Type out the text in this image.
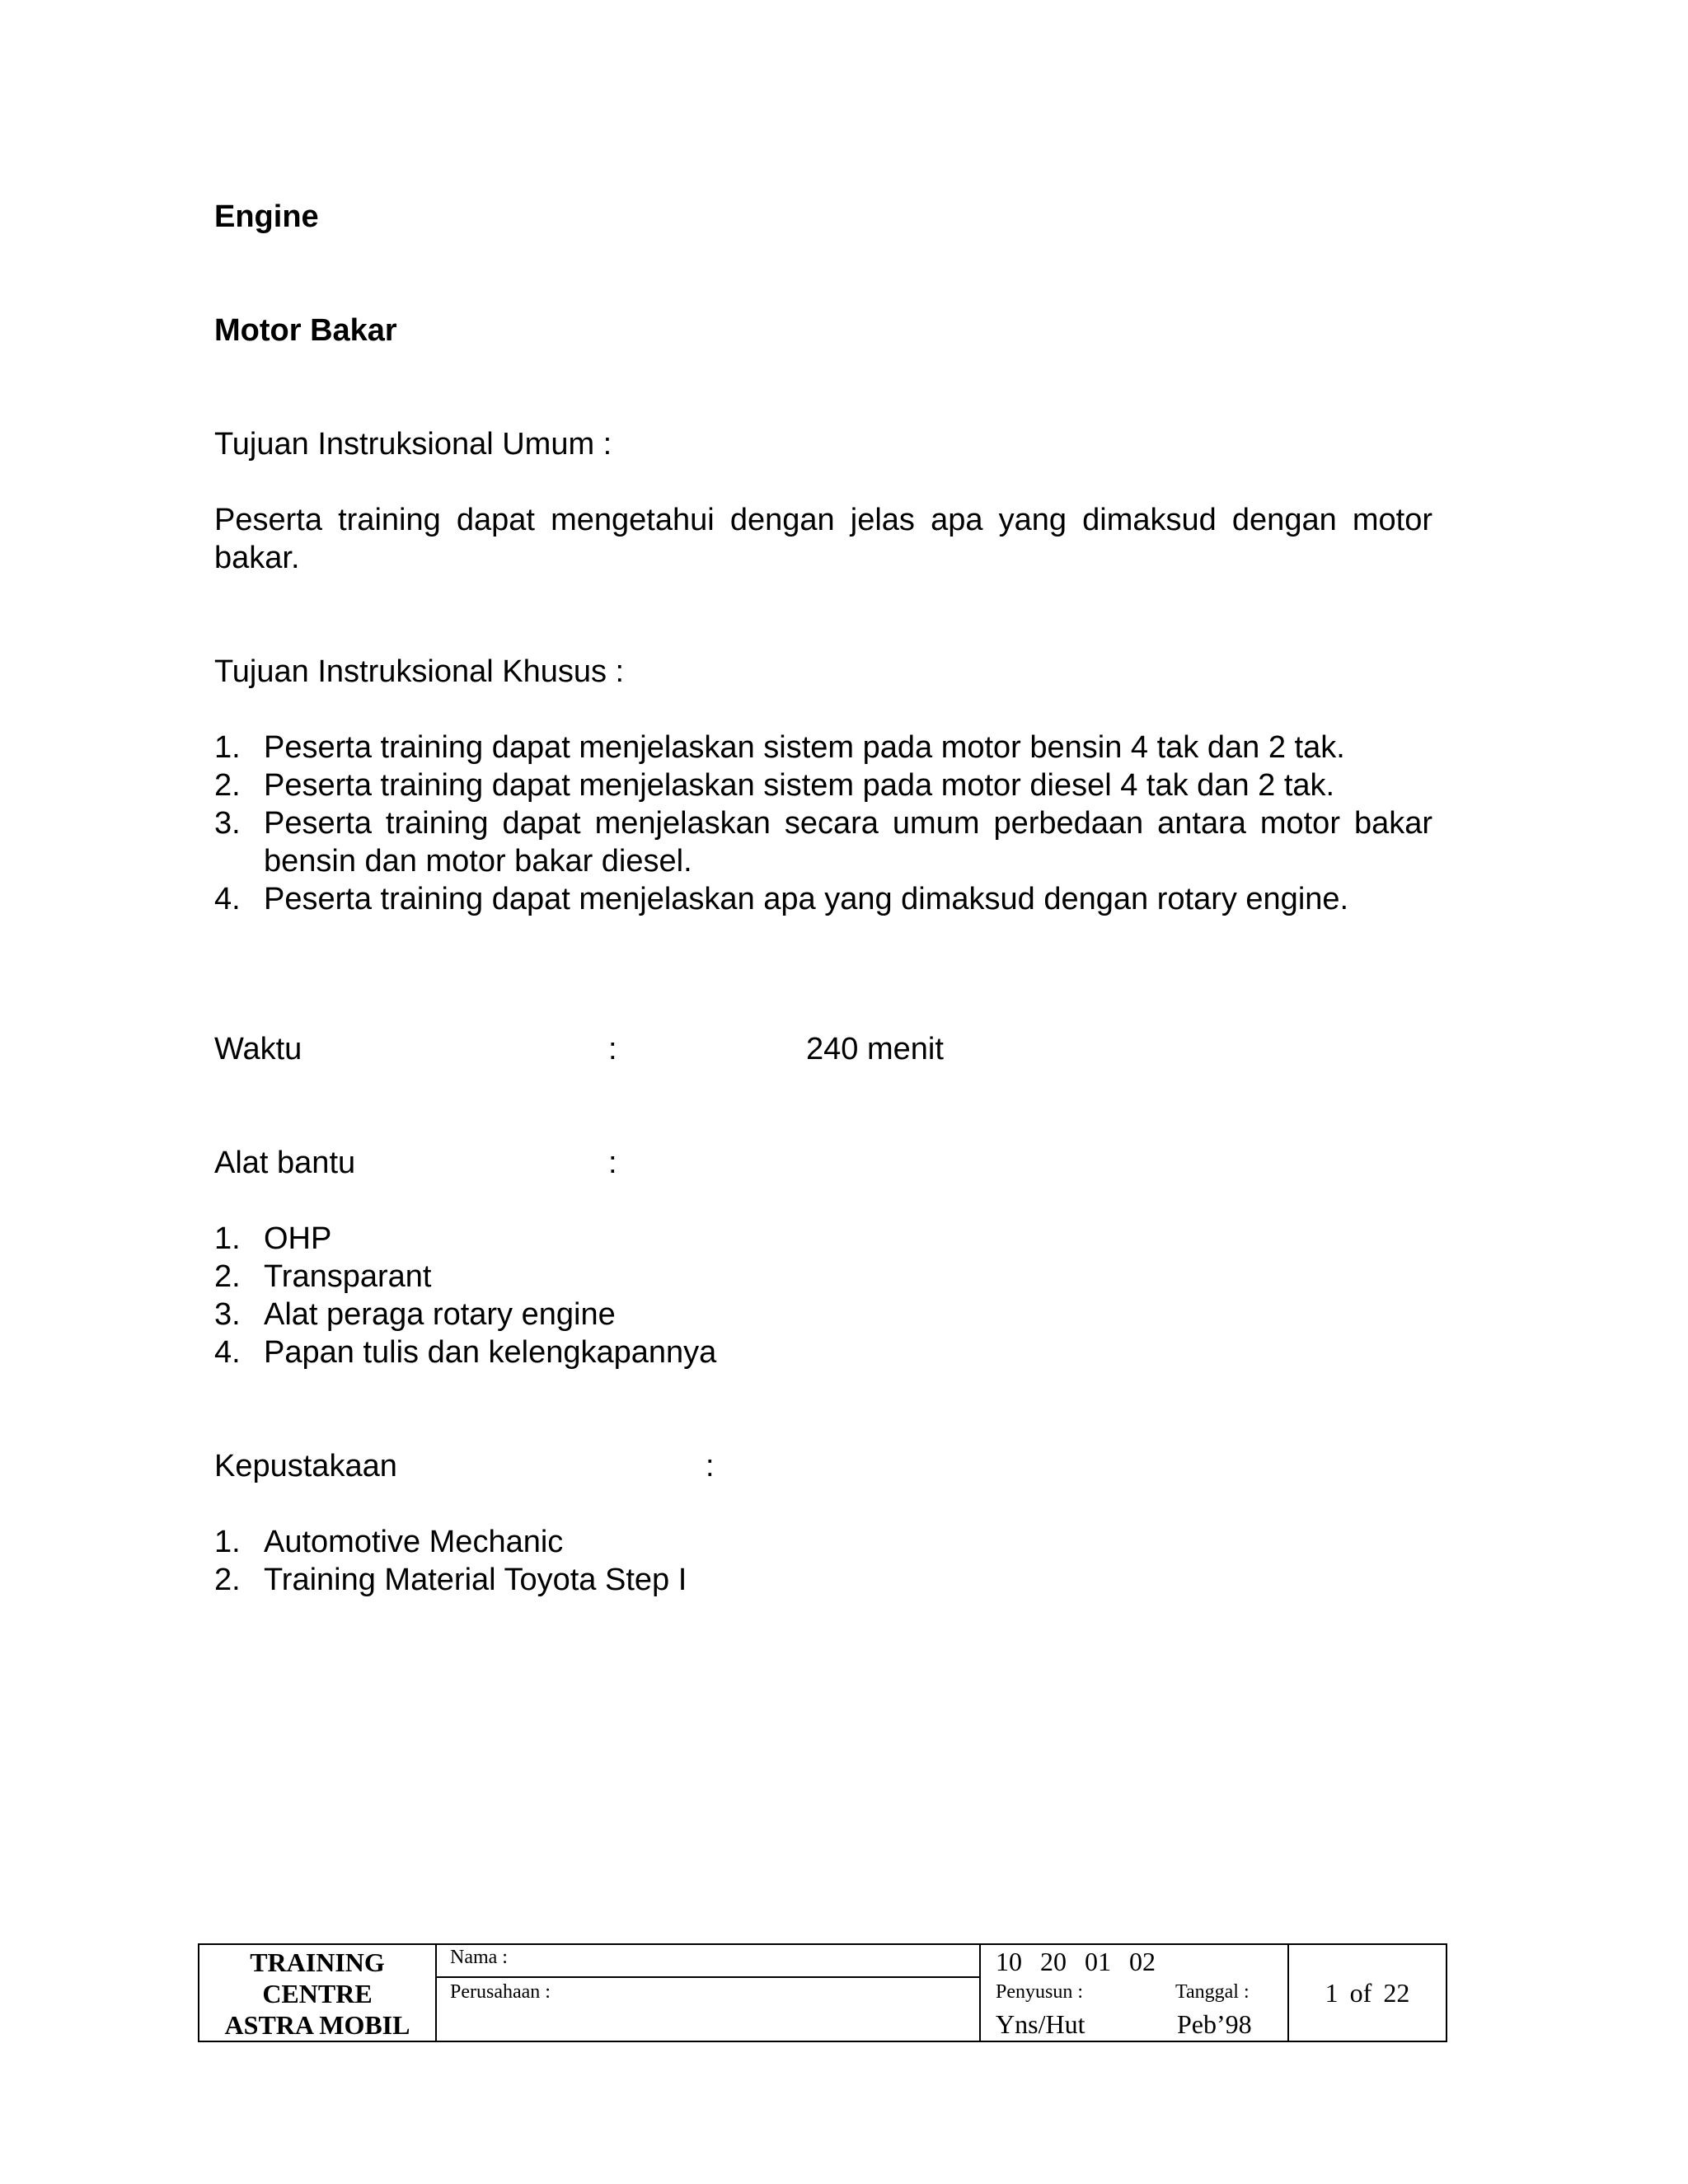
Engine
Motor Bakar
Tujuan Instruksional Umum :
Peserta training dapat mengetahui dengan jelas apa yang dimaksud dengan motor bakar.
Tujuan Instruksional Khusus :
1. Peserta training dapat menjelaskan sistem pada motor bensin 4 tak dan 2 tak.
2. Peserta training dapat menjelaskan sistem pada motor diesel 4 tak dan 2 tak.
3. Peserta training dapat menjelaskan secara umum perbedaan antara motor bakar bensin dan motor bakar diesel.
4. Peserta training dapat menjelaskan apa yang dimaksud dengan rotary engine.
Waktu	:	240 menit
Alat bantu	:
1. OHP
2. Transparant
3. Alat peraga rotary engine
4. Papan tulis dan kelengkapannya
Kepustakaan	:
1. Automotive Mechanic
2. Training Material Toyota Step I
TRAINING
CENTRE
ASTRA MOBIL
Nama :
Perusahaan :
10 20 01 02
Penyusun :	Tanggal :
Yns/Hut	Peb’98
1 of 22
